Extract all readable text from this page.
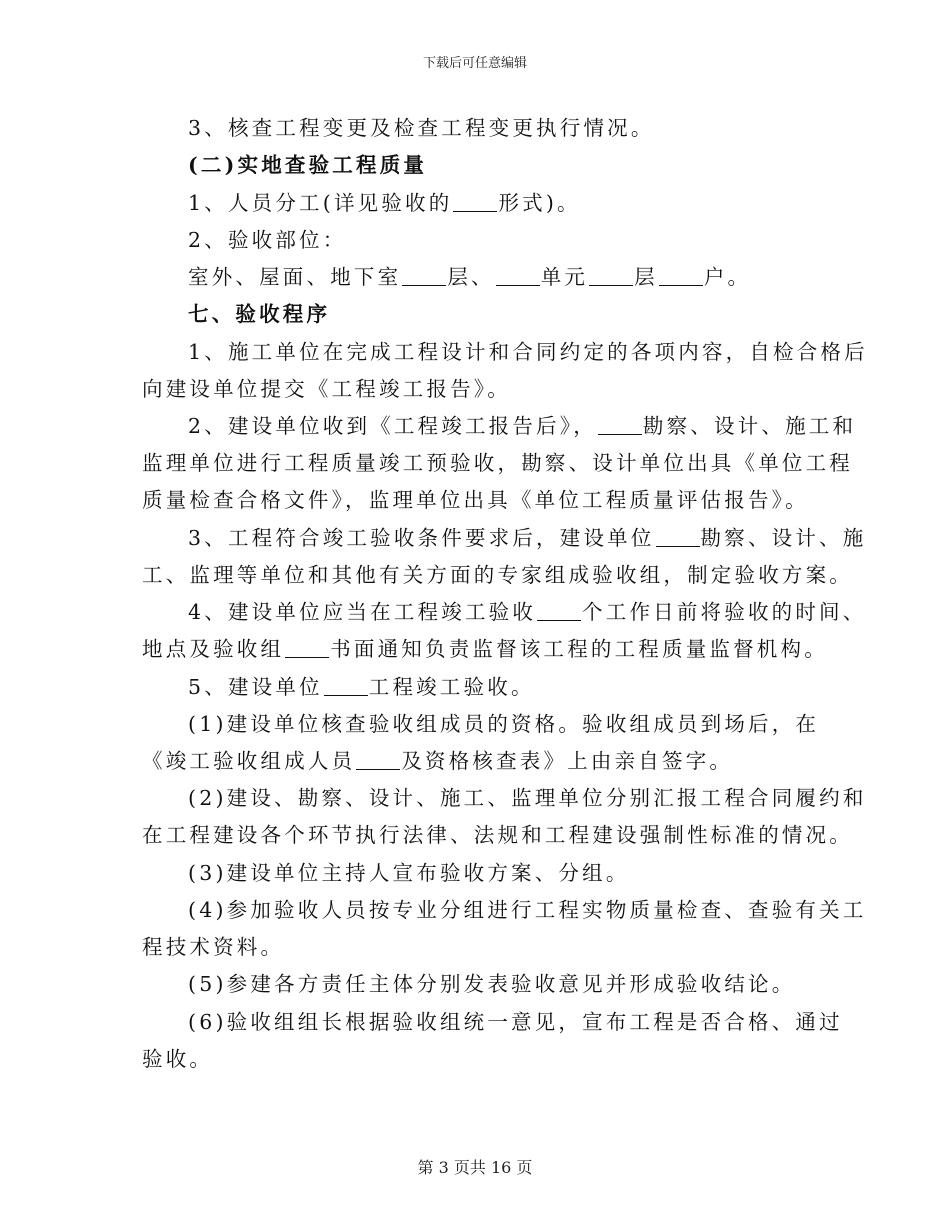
下载后可任意编辑
3、核查工程变更及检查工程变更执行情况。
(二)实地查验工程质量
1、人员分工(详见验收的 形式)。
2、验收部位：
室外、屋面、地下室 层、 单元 层 户。
七、验收程序
1、施工单位在完成工程设计和合同约定的各项内容，自检合格后
向建设单位提交《工程竣工报告》。
2、建设单位收到《工程竣工报告后》， 勘察、设计、施工和
监理单位进行工程质量竣工预验收，勘察、设计单位出具《单位工程
质量检查合格文件》，监理单位出具《单位工程质量评估报告》。
3、工程符合竣工验收条件要求后，建设单位 勘察、设计、施
工、监理等单位和其他有关方面的专家组成验收组，制定验收方案。
4、建设单位应当在工程竣工验收 个工作日前将验收的时间、
地点及验收组 书面通知负责监督该工程的工程质量监督机构。
5、建设单位 工程竣工验收。
(1)建设单位核查验收组成员的资格。验收组成员到场后，在
《竣工验收组成人员 及资格核查表》上由亲自签字。
(2)建设、勘察、设计、施工、监理单位分别汇报工程合同履约和
在工程建设各个环节执行法律、法规和工程建设强制性标准的情况。
(3)建设单位主持人宣布验收方案、分组。
(4)参加验收人员按专业分组进行工程实物质量检查、查验有关工
程技术资料。
(5)参建各方责任主体分别发表验收意见并形成验收结论。
(6)验收组组长根据验收组统一意见，宣布工程是否合格、通过
验收。
第 3 页共 16 页
